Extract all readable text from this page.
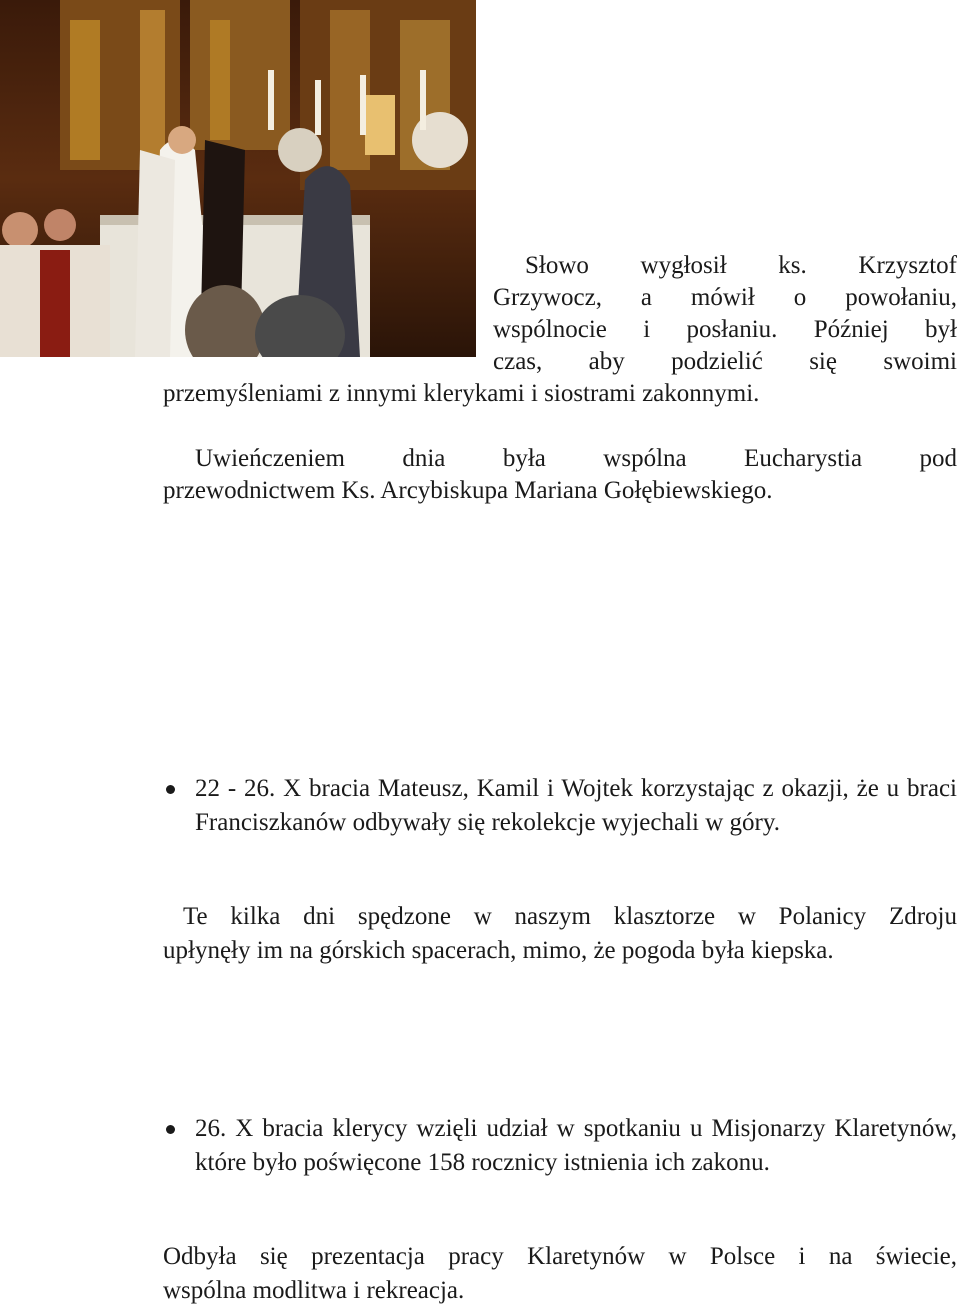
Słowo wygłosił ks. Krzysztof
Grzywocz, a mówił o powołaniu,
wspólnocie i posłaniu. Później był
czas, aby podzielić się swoimi
przemyśleniami z innymi klerykami i siostrami zakonnymi.
Uwieńczeniem dnia była wspólna Eucharystia pod przewodnictwem Ks. Arcybiskupa Mariana Gołębiewskiego.
22 - 26. X bracia Mateusz, Kamil i Wojtek korzystając z okazji, że u braci Franciszkanów odbywały się rekolekcje wyjechali w góry.
Te kilka dni spędzone w naszym klasztorze w Polanicy Zdroju
upłynęły im na górskich spacerach, mimo, że pogoda była kiepska.
26. X bracia klerycy wzięli udział w spotkaniu u Misjonarzy Klaretynów, które było poświęcone 158 rocznicy istnienia ich zakonu.
Odbyła się prezentacja pracy Klaretynów w Polsce i na świecie,
wspólna modlitwa i rekreacja.
